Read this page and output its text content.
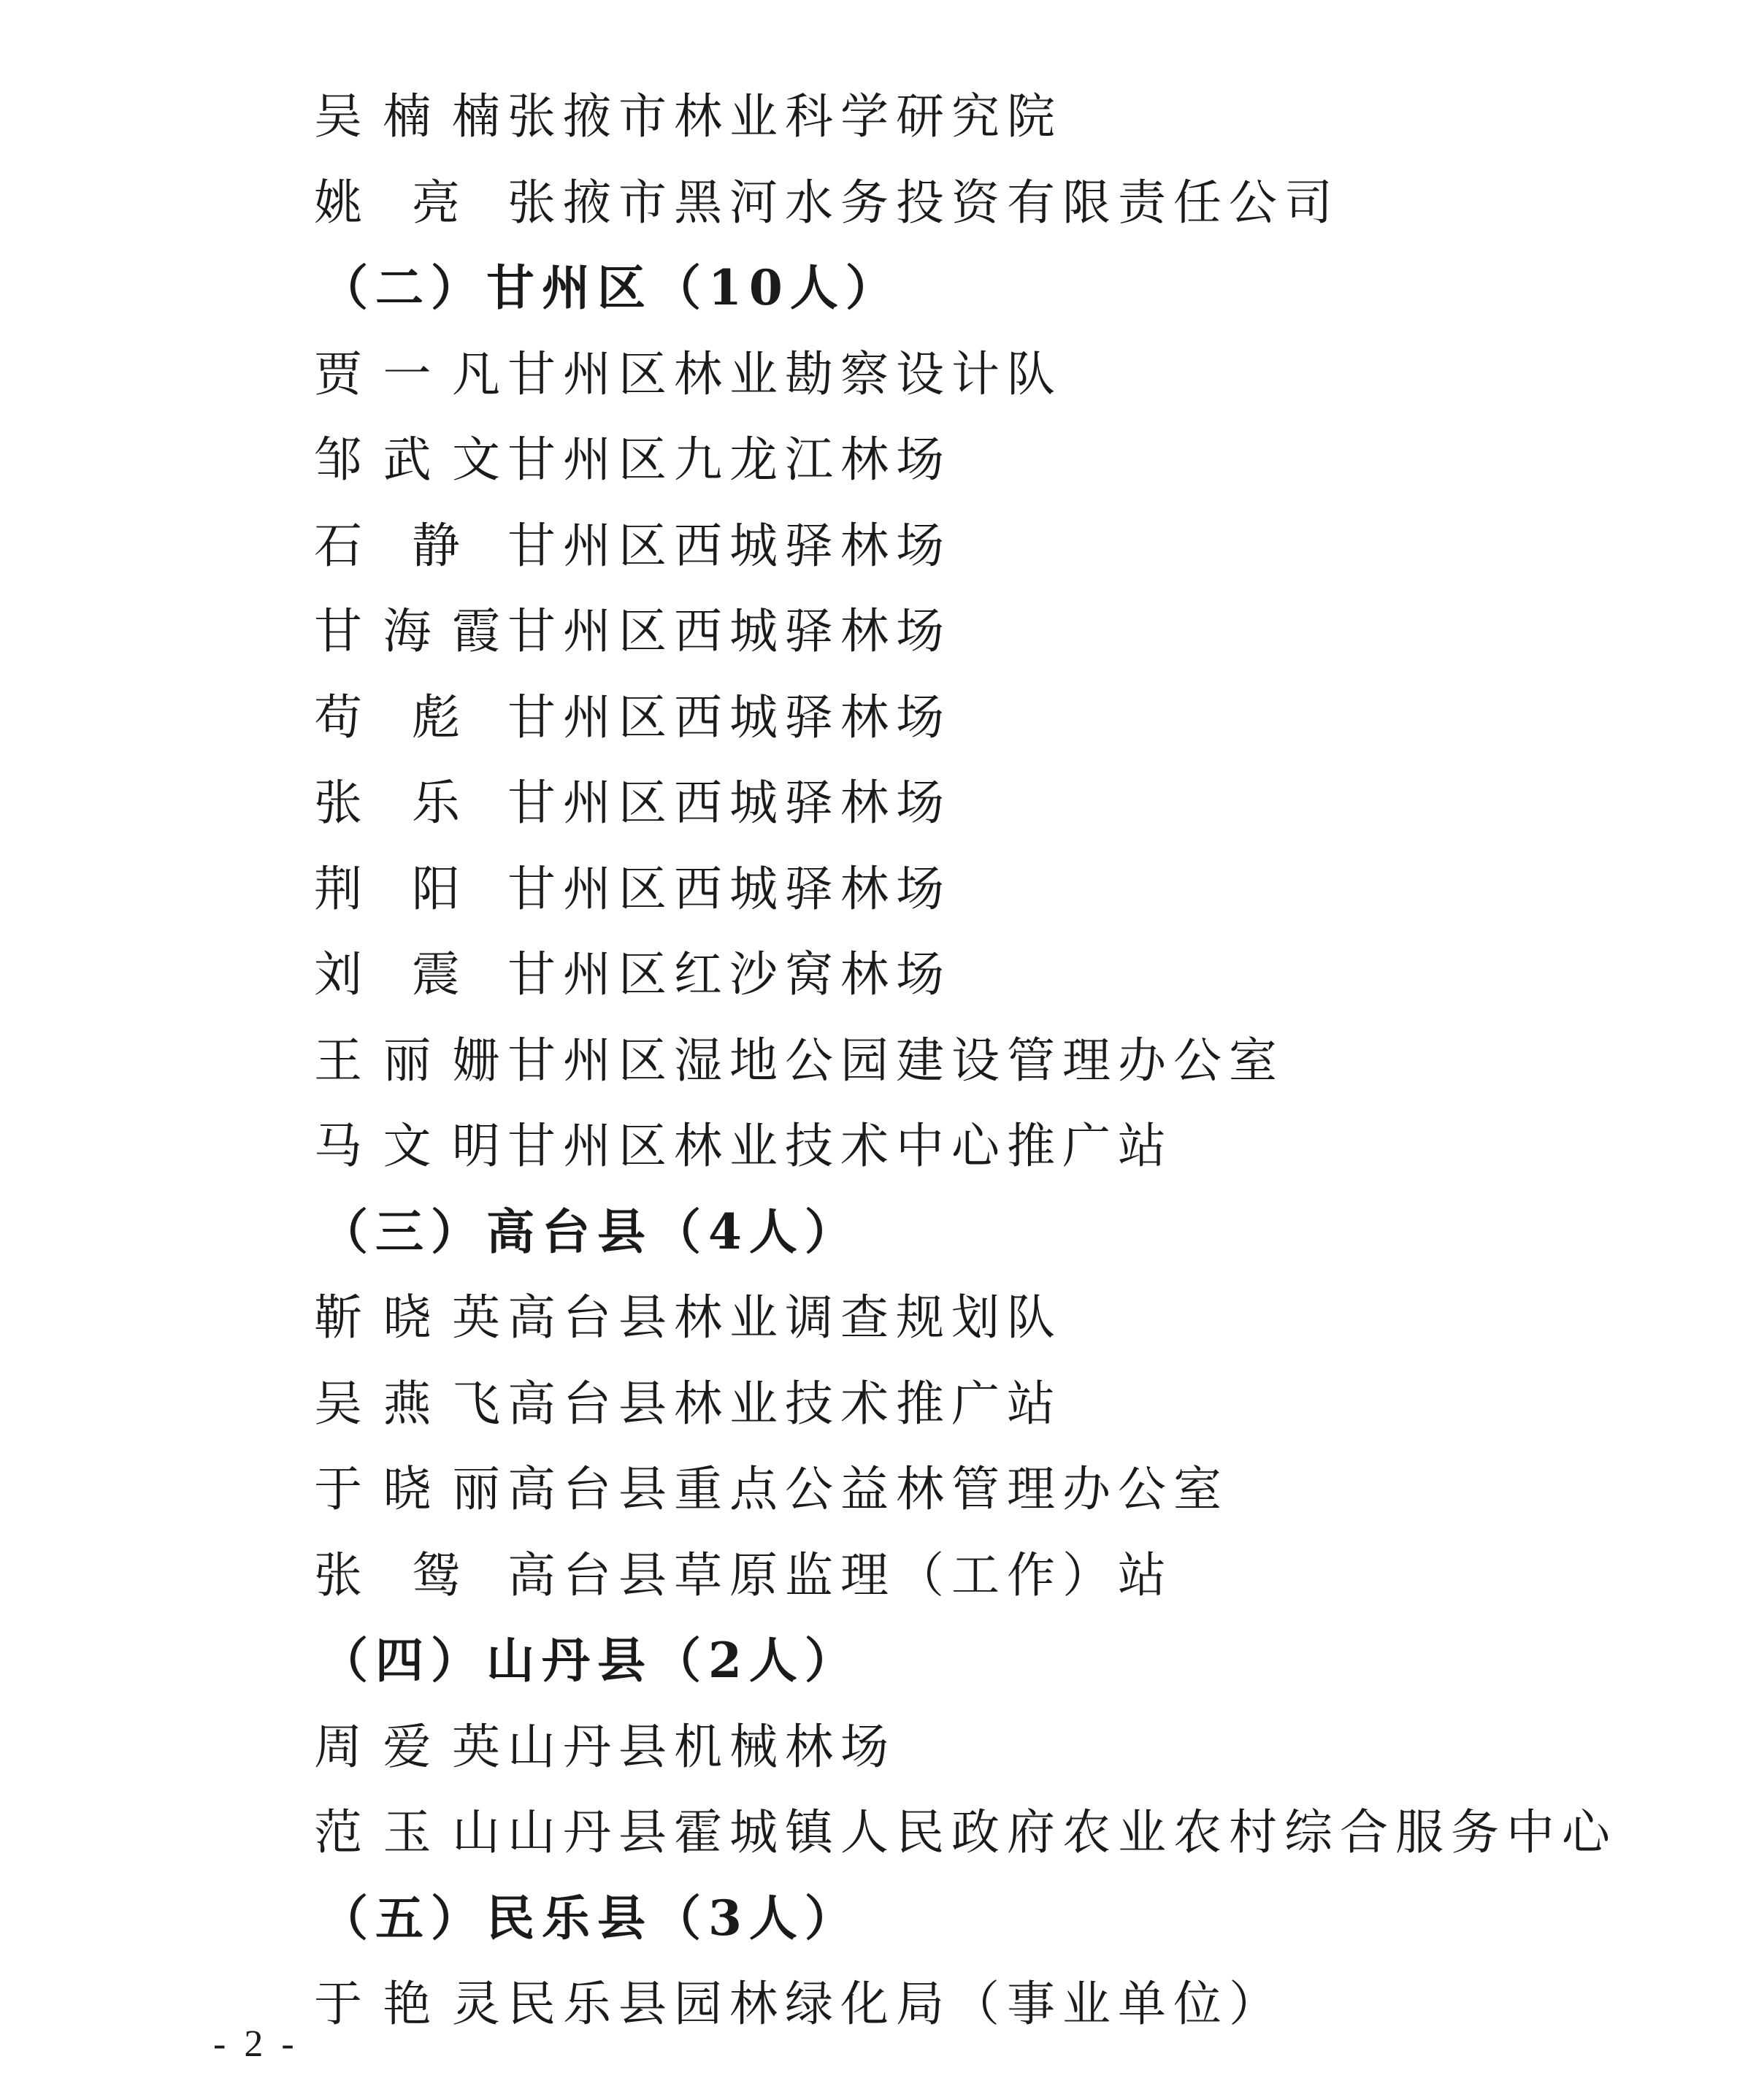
吴 楠 楠 张掖市林业科学研究院
姚 亮 张掖市黑河水务投资有限责任公司
（二）甘州区（10人）
贾 一 凡 甘州区林业勘察设计队
邹 武 文 甘州区九龙江林场
石 静 甘州区西城驿林场
甘 海 霞 甘州区西城驿林场
苟 彪 甘州区西城驿林场
张 乐 甘州区西城驿林场
荆 阳 甘州区西城驿林场
刘 震 甘州区红沙窝林场
王 丽 姗 甘州区湿地公园建设管理办公室
马 文 明 甘州区林业技术中心推广站
（三）高台县（4人）
靳 晓 英 高台县林业调查规划队
吴 燕 飞 高台县林业技术推广站
于 晓 丽 高台县重点公益林管理办公室
张 鸳 高台县草原监理（工作）站
（四）山丹县（2人）
周 爱 英 山丹县机械林场
范 玉 山 山丹县霍城镇人民政府农业农村综合服务中心
（五）民乐县（3人）
于 艳 灵 民乐县园林绿化局（事业单位）
- 2 -
